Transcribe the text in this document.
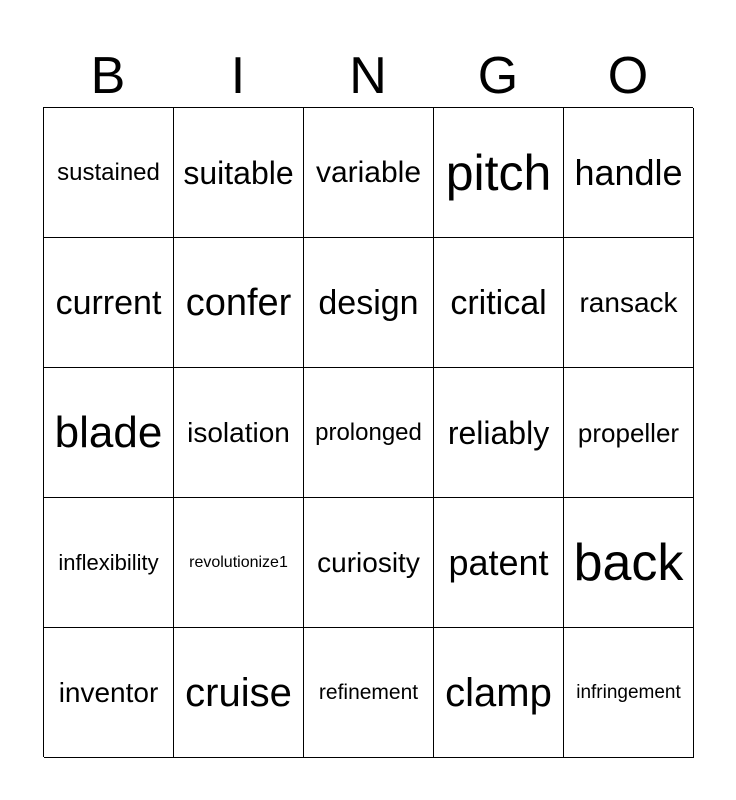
B	I	N	G	O
sustained suitable variable pitch handle
current confer design critical ransack
blade isolation prolonged reliably propeller
inflexibility revolutionize1 curiosity patent back
inventor cruise refinement clamp infringement
